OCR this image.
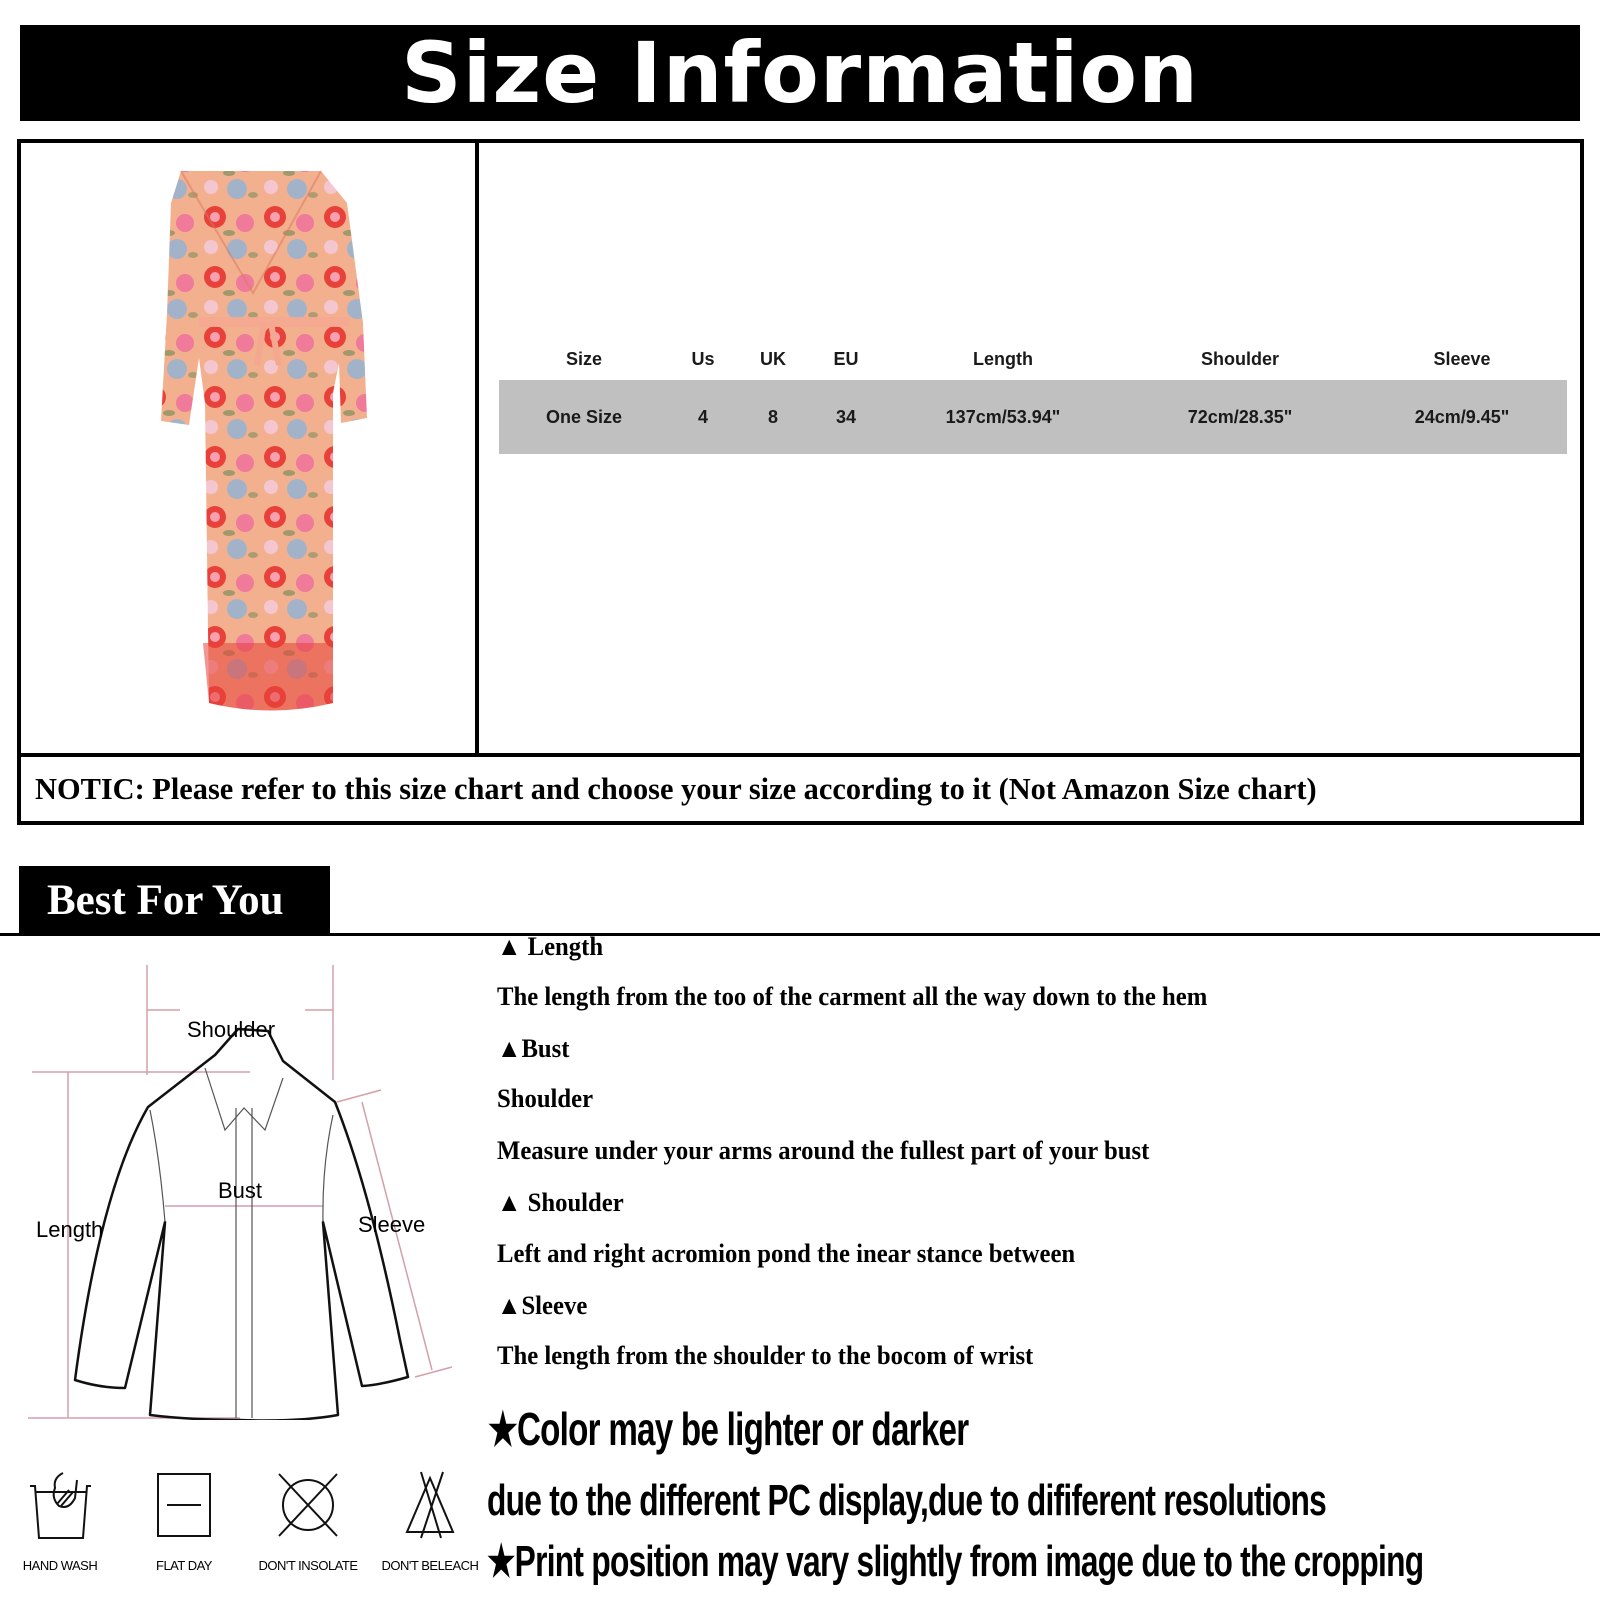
Size Information
Size	Us	UK	EU	Length	Shoulder	Sleeve
One Size	4	8	34	137cm/53.94"	72cm/28.35"	24cm/9.45"
NOTIC: Please refer to this size chart and choose your size according to it (Not Amazon Size chart)
Best For You
Shoulder
Bust
Length	Sleeve
▲ Length
The length from the too of the carment all the way down to the hem
▲Bust
Shoulder
Measure under your arms around the fullest part of your bust
▲ Shoulder
Left and right acromion pond the inear stance between
▲Sleeve
The length from the shoulder to the bocom of wrist
★Color may be lighter or darker
due to the different PC display,due to dififerent resolutions
★Print position may vary slightly from image due to the cropping
HAND WASH	FLAT DAY	DON'T INSOLATE	DON'T BELEACH
